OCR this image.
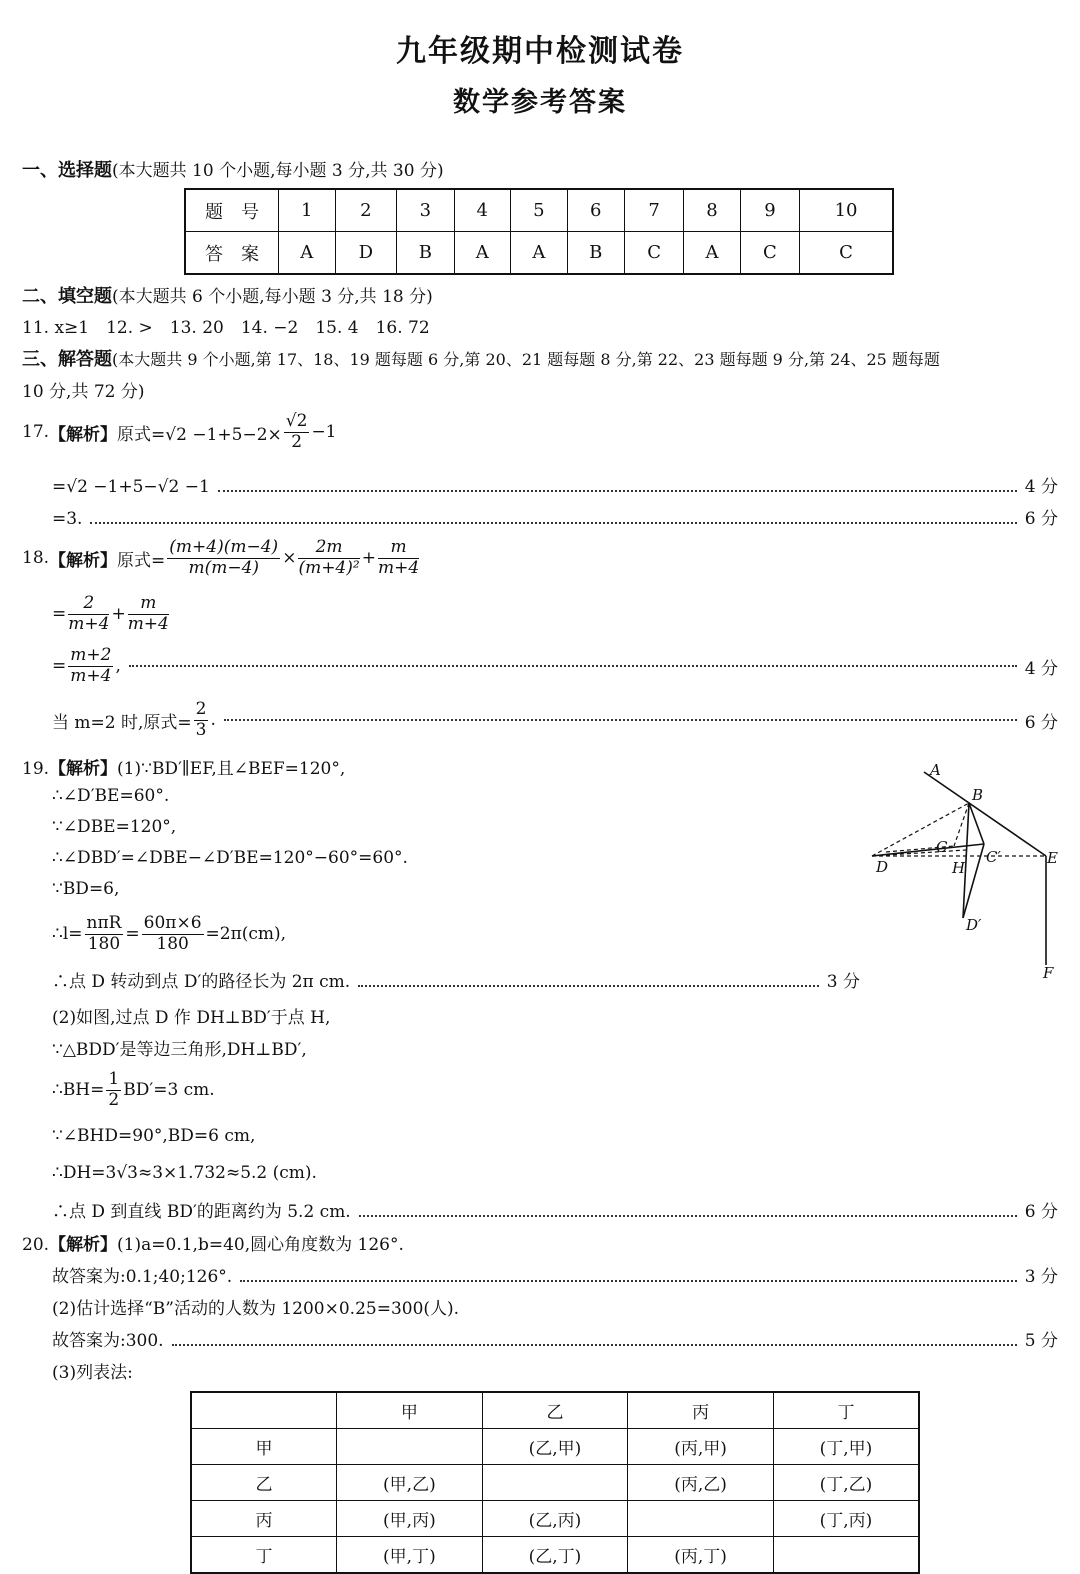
九年级期中检测试卷
数学参考答案
一、选择题(本大题共 10 个小题,每小题 3 分,共 30 分)
题　号	1	2	3	4	5	6	7	8	9	10
答　案	A	D	B	A	A	B	C	A	C	C
二、填空题(本大题共 6 个小题,每小题 3 分,共 18 分)
11. x≥1　12. >　13. 20　14. −2　15. 4　16. 72
三、解答题(本大题共 9 个小题,第 17、18、19 题每题 6 分,第 20、21 题每题 8 分,第 22、23 题每题 9 分,第 24、25 题每题
10 分,共 72 分)
17. 【解析】 原式$=√2 -1+5-2\times \frac{√2}{2} -1$
=√2 −1+5−√2 −1	4 分
=3.	6 分
18. 【解析】 原式= $\frac{(m+4)(m-4)}{m(m-4)} \times \frac{2m}{\text{(m+4)²}} + \frac{m}{m+4}$
= $\frac{2}{m+4} + \frac{m}{m+4}$
= $\frac{m+2}{m+4}$ ,	4 分
当 m=2 时,原式= $\frac{2}{3}$ .	6 分
19.【解析】(1)∵BD′∥EF,且∠BEF=120°,
∴∠D′BE=60°.
∵∠DBE=120°,
∴∠DBD′=∠DBE−∠D′BE=120°−60°=60°.
∵BD=6,
∴l= $\frac{\text{nπR}}{180} = \frac{60\pi\times 6}{180} =2\pi(cm)$,
∴点 D 转动到点 D′的路径长为 2π cm.	3 分
(2)如图,过点 D 作 DH⊥BD′于点 H,
∵△BDD′是等边三角形,DH⊥BD′,
∴BH= $\frac{1}{2} BD'=3$ cm.
∵∠BHD=90°,BD=6 cm,
∴DH=3√3≈3×1.732≈5.2 (cm).
∴点 D 到直线 BD′的距离约为 5.2 cm.	6 分
A
B
C
C′
D	H
D′
E
F
20.【解析】(1)a=0.1,b=40,圆心角度数为 126°.
故答案为:0.1;40;126°.	3 分
(2)估计选择“B”活动的人数为 1200×0.25=300(人).
故答案为:300.	5 分
(3)列表法:
	甲	乙	丙	丁
甲		(乙,甲)	(丙,甲)	(丁,甲)
乙	(甲,乙)		(丙,乙)	(丁,乙)
丙	(甲,丙)	(乙,丙)		(丁,丙)
丁	(甲,丁)	(乙,丁)	(丙,丁)	
